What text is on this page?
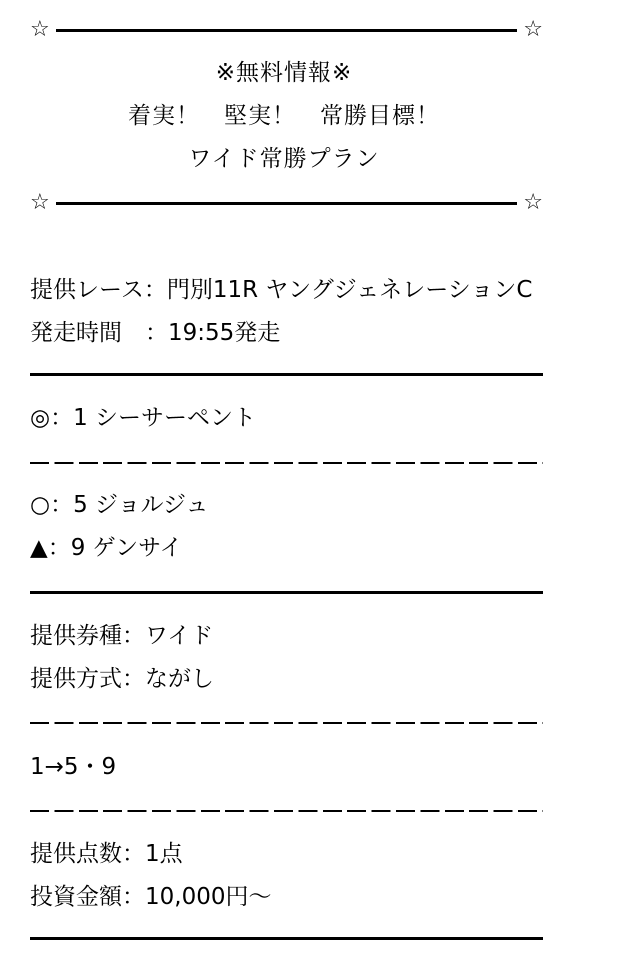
☆	☆
※無料情報※
着実！　堅実！　常勝目標！
ワイド常勝プラン
☆	☆
提供レース：門別11R ヤングジェネレーションC
発走時間　：19:55発走
◎：1 シーサーペント
○：5 ジョルジュ
▲：9 ゲンサイ
提供券種：ワイド
提供方式：ながし
1→5・9
提供点数：1点
投資金額：10,000円〜
